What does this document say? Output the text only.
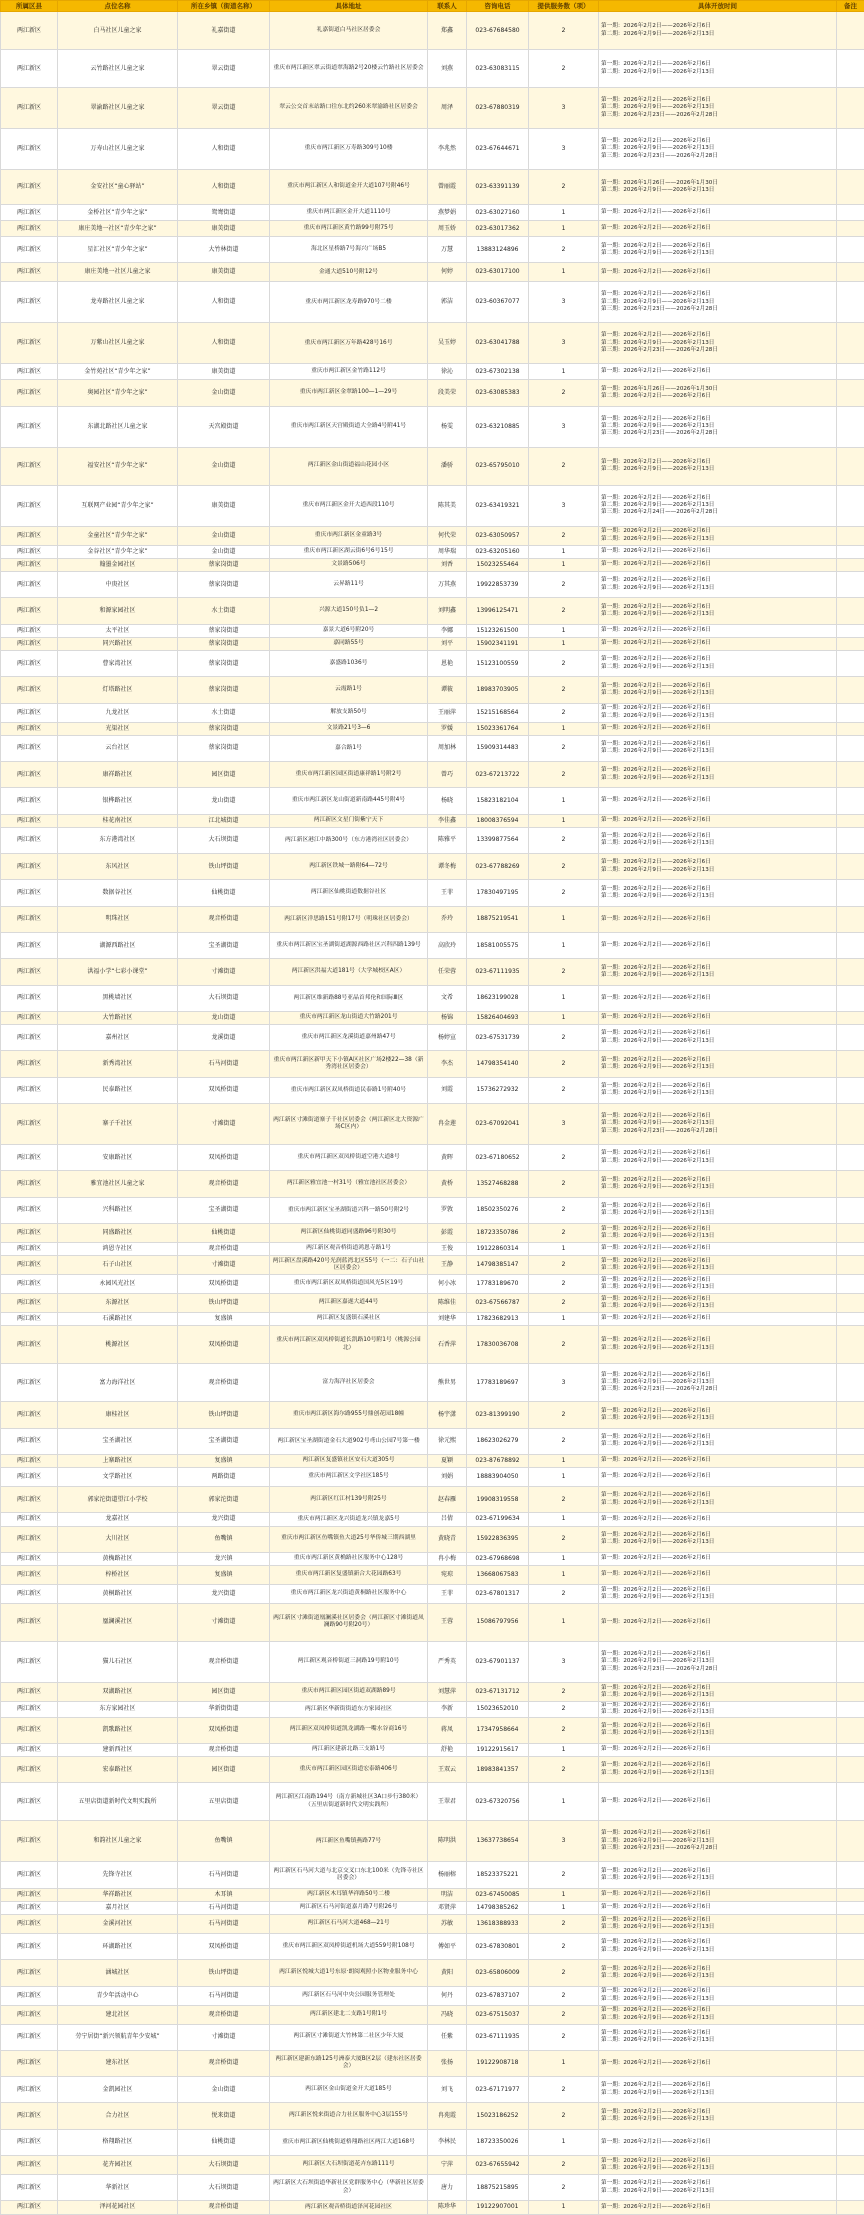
所属区县	点位名称	所在乡镇（街道名称）	具体地址	联系人	咨询电话	提供服务数（项）	具体开放时间	备注
两江新区	白马社区儿童之家	礼嘉街道	礼嘉街道白马社区居委会	郑鑫	023-67684580	2	第一期：2026年2月2日——2026年2月6日
第二期：2026年2月9日——2026年2月13日	

两江新区	云竹路社区儿童之家	翠云街道	重庆市两江新区翠云街道翠海路2号20楼云竹路社区居委会	刘燕	023-63083115	2	第一期：2026年2月2日——2026年2月6日
第二期：2026年2月9日——2026年2月13日	

两江新区	翠渝路社区儿童之家	翠云街道	翠云公交首末站路口往东北约260米翠渝路社区居委会	周泽	023-67880319	3	第一期：2026年2月2日——2026年2月6日
第二期：2026年2月9日——2026年2月13日
第三期：2026年2月23日——2026年2月28日	

两江新区	万寿山社区儿童之家	人和街道	重庆市两江新区万寿路309号10楼	李兆然	023-67644671	3	第一期：2026年2月2日——2026年2月6日
第二期：2026年2月9日——2026年2月13日
第三期：2026年2月23日——2026年2月28日	

两江新区	金安社区“童心驿站”	人和街道	重庆市两江新区人和街道金开大道107号附46号	曾丽霞	023-63391139	2	第一期：2026年1月26日——2026年1月30日
第二期：2026年2月9日——2026年2月13日	

两江新区	金桥社区“青少年之家”	鸳鸯街道	重庆市两江新区金开大道1110号	燕梦娟	023-63027160	1	第一期：2026年2月2日——2026年2月6日	

两江新区	康庄美地一社区“青少年之家”	康美街道	重庆市两江新区黄竹路99号附75号	周玉娇	023-63017362	1	第一期：2026年2月2日——2026年2月6日	

两江新区	星汇社区“青少年之家”	大竹林街道	海北区星桥路7号海兴广场B5	万慧	13883124896	2	第一期：2026年2月2日——2026年2月6日
第二期：2026年2月9日——2026年2月13日	

两江新区	康庄美地一社区儿童之家	康美街道	金通大道510号附12号	何婷	023-63017100	1	第一期：2026年2月2日——2026年2月6日	

两江新区	龙寿路社区儿童之家	人和街道	重庆市两江新区龙寿路970号二楼	郭洁	023-60367077	3	第一期：2026年2月2日——2026年2月6日
第二期：2026年2月9日——2026年2月13日
第三期：2026年2月23日——2026年2月28日	

两江新区	万紫山社区儿童之家	人和街道	重庆市两江新区万年路428号16号	吴玉婷	023-63041788	3	第一期：2026年2月2日——2026年2月6日
第二期：2026年2月9日——2026年2月13日
第三期：2026年2月23日——2026年2月28日	

两江新区	金竹苑社区“青少年之家”	康美街道	重庆市两江新区金竹路112号	徐沁	023-67302138	1	第一期：2026年2月2日——2026年2月6日	

两江新区	奥园社区“青少年之家”	金山街道	重庆市两江新区金翠路100—1—29号	段美荣	023-63085383	2	第一期：2026年1月26日——2026年1月30日
第二期：2026年2月2日——2026年2月6日	

两江新区	东湖北路社区儿童之家	天宫殿街道	重庆市两江新区天宫殿街道大全路4号附41号	杨雯	023-63210885	3	第一期：2026年2月2日——2026年2月6日
第二期：2026年2月9日——2026年2月13日
第三期：2026年2月23日——2026年2月28日	

两江新区	福安社区“青少年之家”	金山街道	两江新区金山街道福山花园小区	潘骄	023-65795010	2	第一期：2026年2月2日——2026年2月6日
第二期：2026年2月9日——2026年2月13日	

两江新区	互联网产业园“青少年之家”	康美街道	重庆市两江新区金开大道西段110号	陈其美	023-63419321	3	第一期：2026年2月2日——2026年2月6日
第二期：2026年2月9日——2026年2月13日
第三期：2026年2月24日——2026年2月28日	

两江新区	金童社区“青少年之家”	金山街道	重庆市两江新区金童路3号	何代荣	023-63050957	2	第一期：2026年2月2日——2026年2月6日
第二期：2026年2月9日——2026年2月13日	

两江新区	金谷社区“青少年之家”	金山街道	重庆市两江新区湖云街6号6号15号	周华瑞	023-63205160	1	第一期：2026年2月2日——2026年2月6日	

两江新区	翰墨金园社区	蔡家岗街道	文景路506号	刘香	15023255464	1	第一期：2026年2月2日——2026年2月6日	

两江新区	中庚社区	蔡家岗街道	云昇路11号	万其燕	19922853739	2	第一期：2026年2月2日——2026年2月6日
第二期：2026年2月9日——2026年2月13日	

两江新区	和源家园社区	水土街道	兴源大道150号负1—2	刘明鑫	13996125471	2	第一期：2026年2月2日——2026年2月6日
第二期：2026年2月9日——2026年2月13日	

两江新区	太平社区	蔡家岗街道	嘉景大道6号附20号	李娜	15123261500	1	第一期：2026年2月2日——2026年2月6日	

两江新区	同兴路社区	蔡家岗街道	嘉同路55号	刘平	15902341191	1	第一期：2026年2月2日——2026年2月6日	

两江新区	曹家湾社区	蔡家岗街道	嘉盛路1036号	恩艳	15123100559	2	第一期：2026年2月2日——2026年2月6日
第二期：2026年2月9日——2026年2月13日	

两江新区	灯塔路社区	蔡家岗街道	云霞路1号	谭筱	18983703905	2	第一期：2026年2月2日——2026年2月6日
第二期：2026年2月9日——2026年2月13日	

两江新区	九龙社区	水土街道	解放支路50号	王丽萍	15215168564	2	第一期：2026年2月2日——2026年2月6日
第二期：2026年2月9日——2026年2月13日	

两江新区	光渠社区	蔡家岗街道	文景路21号3—6	罗媛	15023361764	1	第一期：2026年2月2日——2026年2月6日	

两江新区	云台社区	蔡家岗街道	嘉合路1号	周加林	15909314483	2	第一期：2026年2月2日——2026年2月6日
第二期：2026年2月9日——2026年2月13日	

两江新区	康祥路社区	园区街道	重庆市两江新区园区街道康祥路1号附2号	曾巧	023-67213722	2	第一期：2026年2月2日——2026年2月6日
第二期：2026年2月9日——2026年2月13日	

两江新区	银桦路社区	龙山街道	重庆市两江新区龙山街道新南路445号附4号	杨晓	15823182104	1	第一期：2026年2月2日——2026年2月6日	

两江新区	桂花南社区	江北城街道	两江新区文星门街紫宁天下	李佳鑫	18008376594	1	第一期：2026年2月2日——2026年2月6日	

两江新区	东方港湾社区	大石坝街道	两江新区港江中路300号（东方港湾社区居委会）	陈雅平	13399877564	2	第一期：2026年2月2日——2026年2月6日
第二期：2026年2月9日——2026年2月13日	

两江新区	东风社区	铁山坪街道	两江新区铁城一路附64—72号	谭冬梅	023-67788269	2	第一期：2026年2月2日——2026年2月6日
第二期：2026年2月9日——2026年2月13日	

两江新区	数据谷社区	仙桃街道	两江新区仙桃街道数据谷社区	王菲	17830497195	2	第一期：2026年2月2日——2026年2月6日
第二期：2026年2月9日——2026年2月13日	

两江新区	明珠社区	观音桥街道	两江新区洋思路151号附17号（明珠社区居委会）	乔玲	18875219541	1	第一期：2026年2月2日——2026年2月6日	

两江新区	湖源西路社区	宝圣湖街道	重庆市两江新区宝圣湖街道湖源西路社区兴科四路139号	高欣玲	18581005575	1	第一期：2026年2月2日——2026年2月6日	

两江新区	洪福小学“七彩小课堂”	寸滩街道	两江新区洪福大道181号（大学城校区A区）	任荣蓉	023-67111935	2	第一期：2026年2月2日——2026年2月6日
第二期：2026年2月9日——2026年2月13日	

两江新区	黑桃墙社区	大石坝街道	两江新区维新路88号亚晶首邦伦和国际Ⅲ区	文希	18623199028	1	第一期：2026年2月2日——2026年2月6日	

两江新区	大竹路社区	龙山街道	重庆市两江新区龙山街道大竹路201号	杨锦	15826404693	1	第一期：2026年2月2日——2026年2月6日	

两江新区	嘉州社区	龙溪街道	重庆市两江新区龙溪街道嘉州路47号	杨婷宣	023-67531739	2	第一期：2026年2月2日——2026年2月6日
第二期：2026年2月9日——2026年2月13日	

两江新区	新秀湾社区	石马河街道	重庆市两江新区新甲天下小镇A区社区广场2楼22—38（新秀湾社区居委会）	李杰	14798354140	2	第一期：2026年2月2日——2026年2月6日
第二期：2026年2月9日——2026年2月13日	

两江新区	民泰路社区	双凤桥街道	重庆市两江新区双凤桥街道民泰路1号附40号	刘霞	15736272932	2	第一期：2026年2月2日——2026年2月6日
第二期：2026年2月9日——2026年2月13日	

两江新区	寨子千社区	寸滩街道	两江新区寸滩街道寨子千社区居委会（两江新区北大资源广场C区内）	冉金莲	023-67092041	3	第一期：2026年2月2日——2026年2月6日
第二期：2026年2月9日——2026年2月13日
第三期：2026年2月23日——2026年2月28日	

两江新区	安康路社区	双凤桥街道	重庆市两江新区双凤桥街道空港大道8号	黄晖	023-67180652	2	第一期：2026年2月2日——2026年2月6日
第二期：2026年2月9日——2026年2月13日	

两江新区	雅宜池社区儿童之家	观音桥街道	两江新区雅宜池一村31号（雅宜池社区居委会）	黄桥	13527468288	2	第一期：2026年2月2日——2026年2月6日
第二期：2026年2月9日——2026年2月13日	

两江新区	兴科路社区	宝圣湖街道	重庆市两江新区宝圣湖街道兴科一路50号附2号	罗敦	18502350276	2	第一期：2026年2月2日——2026年2月6日
第二期：2026年2月9日——2026年2月13日	

两江新区	同盛路社区	仙桃街道	两江新区仙桃街道同盛路96号附30号	彭霞	18723350786	2	第一期：2026年2月2日——2026年2月6日
第二期：2026年2月9日——2026年2月13日	

两江新区	鸿恩寺社区	观音桥街道	两江新区观音桥街道鸿恩寺路1号	王俊	19122860314	1	第一期：2026年2月2日——2026年2月6日	

两江新区	石子山社区	寸滩街道	两江新区盘溪路420号光润蓝湾北区55号（一二：石子山社区居委会）	王静	14798385147	2	第一期：2026年2月2日——2026年2月6日
第二期：2026年2月9日——2026年2月13日	

两江新区	永园风光社区	双凤桥街道	重庆市两江新区双凤桥街道国风光5区19号	何小冰	17783189670	2	第一期：2026年2月2日——2026年2月6日
第二期：2026年2月9日——2026年2月13日	

两江新区	东源社区	铁山坪街道	两江新区嘉遂大道44号	陈维佳	023-67566787	2	第一期：2026年2月2日——2026年2月6日
第二期：2026年2月9日——2026年2月13日	

两江新区	石溪路社区	复盛镇	两江新区复盛镇石溪社区	刘建华	17823682913	1	第一期：2026年2月2日——2026年2月6日	

两江新区	桃源社区	双凤桥街道	重庆市两江新区双凤桥街道长凯路10号附1号（桃源公园北）	石香萍	17830036708	2	第一期：2026年2月2日——2026年2月6日
第二期：2026年2月9日——2026年2月13日	

两江新区	富力海洋社区	观音桥街道	富力海洋社区居委会	熊世男	17783189697	3	第一期：2026年2月2日——2026年2月6日
第二期：2026年2月9日——2026年2月13日
第三期：2026年2月23日——2026年2月28日	

两江新区	康桂社区	铁山坪街道	重庆市两江新区海尔路955号鼎创花园18幢	杨宇潇	023-81399190	2	第一期：2026年2月2日——2026年2月6日
第二期：2026年2月9日——2026年2月13日	

两江新区	宝圣湖社区	宝圣湖街道	两江新区宝圣湖街道金石大道902号鸢山公园7号第一楼	徐元熙	18623026279	2	第一期：2026年2月2日——2026年2月6日
第二期：2026年2月9日——2026年2月13日	

两江新区	上寨路社区	复盛镇	两江新区复盛镇社区安石大道305号	夏颖	023-87678892	1	第一期：2026年2月2日——2026年2月6日	

两江新区	文学路社区	两路街道	重庆市两江新区文学社区185号	刘娟	18883904050	1	第一期：2026年2月2日——2026年2月6日	

两江新区	郭家沱街道望江小学校	郭家沱街道	两江新区红江村139号附25号	赵春雁	19908319558	2	第一期：2026年2月2日——2026年2月6日
第二期：2026年2月9日——2026年2月13日	

两江新区	龙嘉社区	龙兴街道	重庆市两江新区龙兴街道龙兴镇龙嘉5号	吕倩	023-67199634	1	第一期：2026年2月2日——2026年2月6日	

两江新区	大川社区	鱼嘴镇	重庆市两江新区鱼嘴镇鱼大道25号华侨城三期西湖里	黄晓青	15922836395	2	第一期：2026年2月2日——2026年2月6日
第二期：2026年2月9日——2026年2月13日	

两江新区	黄桷路社区	龙兴镇	重庆市两江新区黄桷路社区服务中心128号	冉小梅	023-67968698	1	第一期：2026年2月2日——2026年2月6日	

两江新区	梓桥社区	复盛镇	重庆市两江新区复盛镇新合大花园路63号	宛琼	13668067583	1	第一期：2026年2月2日——2026年2月6日	

两江新区	黄桐路社区	龙兴街道	重庆市两江新区龙兴街道黄桐路社区服务中心	王菲	023-67801317	2	第一期：2026年2月2日——2026年2月6日
第二期：2026年2月9日——2026年2月13日	

两江新区	凰澜溪社区	寸滩街道	两江新区寸滩街道凰澜溪社区居委会（两江新区寸滩街道凤澜路90号附20号）	王蓉	15086797956	1	第一期：2026年2月2日——2026年2月6日	

两江新区	猫儿石社区	观音桥街道	两江新区观音桥街道三洞路19号附10号	严秀英	023-67901137	3	第一期：2026年2月2日——2026年2月6日
第二期：2026年2月9日——2026年2月13日
第三期：2026年2月23日——2026年2月28日	

两江新区	双湖路社区	园区街道	重庆市两江新区园区街道双湖路89号	刘慧萍	023-67131712	2	第一期：2026年2月2日——2026年2月6日
第二期：2026年2月9日——2026年2月13日	

两江新区	东方家园社区	华新街街道	两江新区华新街街道东方家园社区	李新	15023652010	2	第一期：2026年2月2日——2026年2月6日
第二期：2026年2月9日——2026年2月13日	

两江新区	凯歌路社区	双凤桥街道	两江新区双凤桥街道凯龙湖路一嘴水谷商16号	蒋凤	17347958664	2	第一期：2026年2月2日——2026年2月6日
第二期：2026年2月9日——2026年2月13日	

两江新区	建新西社区	观音桥街道	两江新区建新北路三支路1号	舒艳	19122915617	1	第一期：2026年2月2日——2026年2月6日	

两江新区	宏泰路社区	园区街道	重庆市两江新区园区街道宏泰路406号	王双云	18983841357	2	第一期：2026年2月2日——2026年2月6日
第二期：2026年2月9日——2026年2月13日	

两江新区	五里店街道新时代文明实践所	五里店街道	两江新区江南路194号（南方新城社区3A口步行380米）（五里店街道新时代文明实践所）	王翠君	023-67320756	1	第一期：2026年2月2日——2026年2月6日	

两江新区	和韵社区儿童之家	鱼嘴镇	两江新区鱼嘴镇燕路77号	陈明洪	13637738654	3	第一期：2026年2月2日——2026年2月6日
第二期：2026年2月9日——2026年2月13日
第三期：2026年2月23日——2026年2月28日	

两江新区	先锋寺社区	石马河街道	两江新区石马河大道与北京交叉口东北100米（先锋寺社区居委会）	杨丽榕	18523375221	2	第一期：2026年2月2日——2026年2月6日
第二期：2026年2月9日——2026年2月13日	

两江新区	华祥路社区	木耳镇	两江新区木耳镇华祥路50号二楼	明洁	023-67450085	1	第一期：2026年2月2日——2026年2月6日	

两江新区	嘉月社区	石马河街道	两江新区石马河街道嘉月路7号附26号	邓贤萍	14798385262	1	第一期：2026年2月2日——2026年2月6日	

两江新区	金溪河社区	石马河街道	两江新区石马河大道468—21号	苏敏	13618388933	2	第一期：2026年2月2日——2026年2月6日
第二期：2026年2月9日——2026年2月13日	

两江新区	环湖路社区	双凤桥街道	重庆市两江新区双凤桥街道机场大道559号附108号	傅如平	023-67830801	2	第一期：2026年2月2日——2026年2月6日
第二期：2026年2月9日——2026年2月13日	

两江新区	涵城社区	铁山坪街道	两江新区悦城大道1号东原·朗阅观照小区物业服务中心	黄阳	023-65806009	2	第一期：2026年2月2日——2026年2月6日
第二期：2026年2月9日——2026年2月13日	

两江新区	青少年活动中心	石马河街道	两江新区石马河中央公园服务管理处	何丹	023-67837107	2	第一期：2026年2月2日——2026年2月6日
第二期：2026年2月9日——2026年2月13日	

两江新区	建北社区	观音桥街道	两江新区建北二支路1号附1号	冯晓	023-67515037	2	第一期：2026年2月2日——2026年2月6日
第二期：2026年2月9日——2026年2月13日	

两江新区	劳宁居街“新兴领航青年少安城”	寸滩街道	两江新区寸滩街道大竹林第二社区少年大厦	任紫	023-67111935	2	第一期：2026年2月2日——2026年2月6日
第二期：2026年2月9日——2026年2月13日	

两江新区	建东社区	观音桥街道	两江新区建新东路125号洲泰大厦B区2层（建东社区居委会）	张扬	19122908718	1	第一期：2026年2月2日——2026年2月6日	

两江新区	金凯园社区	金山街道	两江新区金山街道金开大道185号	刘飞	023-67171977	2	第一期：2026年2月2日——2026年2月6日
第二期：2026年2月9日——2026年2月13日	

两江新区	合力社区	悦来街道	两江新区悦来街道合力社区服务中心3层155号	冉苑霞	15023186252	2	第一期：2026年2月2日——2026年2月6日
第二期：2026年2月9日——2026年2月13日	

两江新区	格翔路社区	仙桃街道	重庆市两江新区仙桃街道格翔路社区两江大道168号	李林民	18723350026	1	第一期：2026年2月2日——2026年2月6日	

两江新区	花卉园社区	大石坝街道	两江新区大石坝街道花卉东路111号	宁萍	023-67655942	2	第一期：2026年2月2日——2026年2月6日
第二期：2026年2月9日——2026年2月13日	

两江新区	华新社区	大石坝街道	两江新区大石坝街道华新社区党群服务中心（华新社区居委会）	唐力	18875215895	2	第一期：2026年2月2日——2026年2月6日
第二期：2026年2月9日——2026年2月13日	

两江新区	泽河花园社区	观音桥街道	两江新区观音桥街道泽河花园社区	陈珍华	19122907001	1	第一期：2026年2月2日——2026年2月6日	
